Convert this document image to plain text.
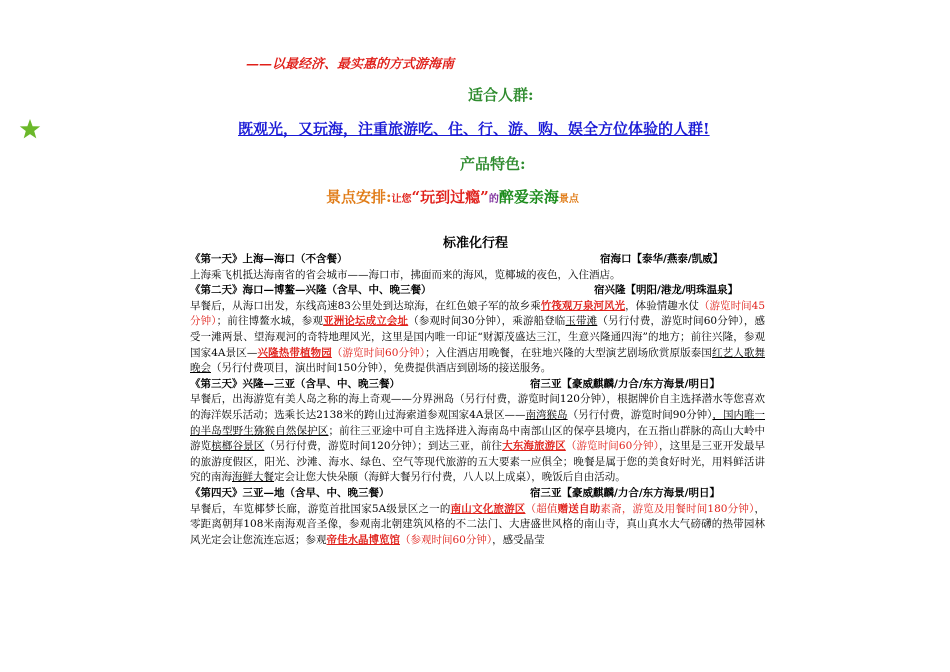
——以最经济、最实惠的方式游海南
适合人群:
既观光，又玩海，注重旅游吃、住、行、游、购、娱全方位体验的人群!
产品特色:
景点安排:让您“玩到过瘾”的醉爱亲海景点
标准化行程
《第一天》上海—海口（不含餐）	宿海口【泰华/燕泰/凯威】

上海乘飞机抵达海南省的省会城市——海口市，拂面而来的海风，览椰城的夜色，入住酒店。

《第二天》海口—博鳌—兴隆（含早、中、晚三餐）	宿兴隆【明阳/港龙/明珠温泉】

早餐后，从海口出发，东线高速83公里处到达琼海，在红色娘子军的故乡乘竹筏观万泉河风光，体验情趣水仗（游览时间45分钟）；前往博鳌水城，参观亚洲论坛成立会址（参观时间30分钟），乘游船登临玉带滩（另行付费，游览时间60分钟），感受一滩两景、望海观河的奇特地理风光，这里是国内唯一印证“财源茂盛达三江，生意兴隆通四海”的地方；前往兴隆，参观国家4A景区—兴隆热带植物园（游览时间60分钟）；入住酒店用晚餐，在驻地兴隆的大型演艺剧场欣赏原版泰国红艺人歌舞晚会（另行付费项目，演出时间150分钟），免费提供酒店到剧场的接送服务。

《第三天》兴隆—三亚（含早、中、晚三餐）	宿三亚【豪威麒麟/力合/东方海景/明日】

早餐后，出海游览有美人岛之称的海上奇观——分界洲岛（另行付费，游览时间120分钟），根据牌价自主选择潜水等您喜欢的海洋娱乐活动；选乘长达2138米的跨山过海索道参观国家4A景区——南湾猴岛（另行付费，游览时间90分钟），国内唯一的半岛型野生猕猴自然保护区；前往三亚途中可自主选择进入海南岛中南部山区的保亭县境内，在五指山群脉的高山大岭中游览槟榔谷景区（另行付费，游览时间120分钟）；到达三亚，前往大东海旅游区（游览时间60分钟），这里是三亚开发最早的旅游度假区，阳光、沙滩、海水、绿色、空气等现代旅游的五大要素一应俱全；晚餐是属于您的美食好时光，用料鲜活讲究的南海海鲜大餐定会让您大快朵颐（海鲜大餐另行付费，八人以上成桌），晚饭后自由活动。

《第四天》三亚—地（含早、中、晚三餐）	宿三亚【豪威麒麟/力合/东方海景/明日】

早餐后，车览椰梦长廊，游览首批国家5A级景区之一的南山文化旅游区（超值赠送自助素斋，游览及用餐时间180分钟），零距离朝拜108米南海观音圣像，参观南北朝建筑风格的不二法门、大唐盛世风格的南山寺，真山真水大气磅礴的热带园林风光定会让您流连忘返；参观帝佳水晶博览馆（参观时间60分钟），感受晶莹
